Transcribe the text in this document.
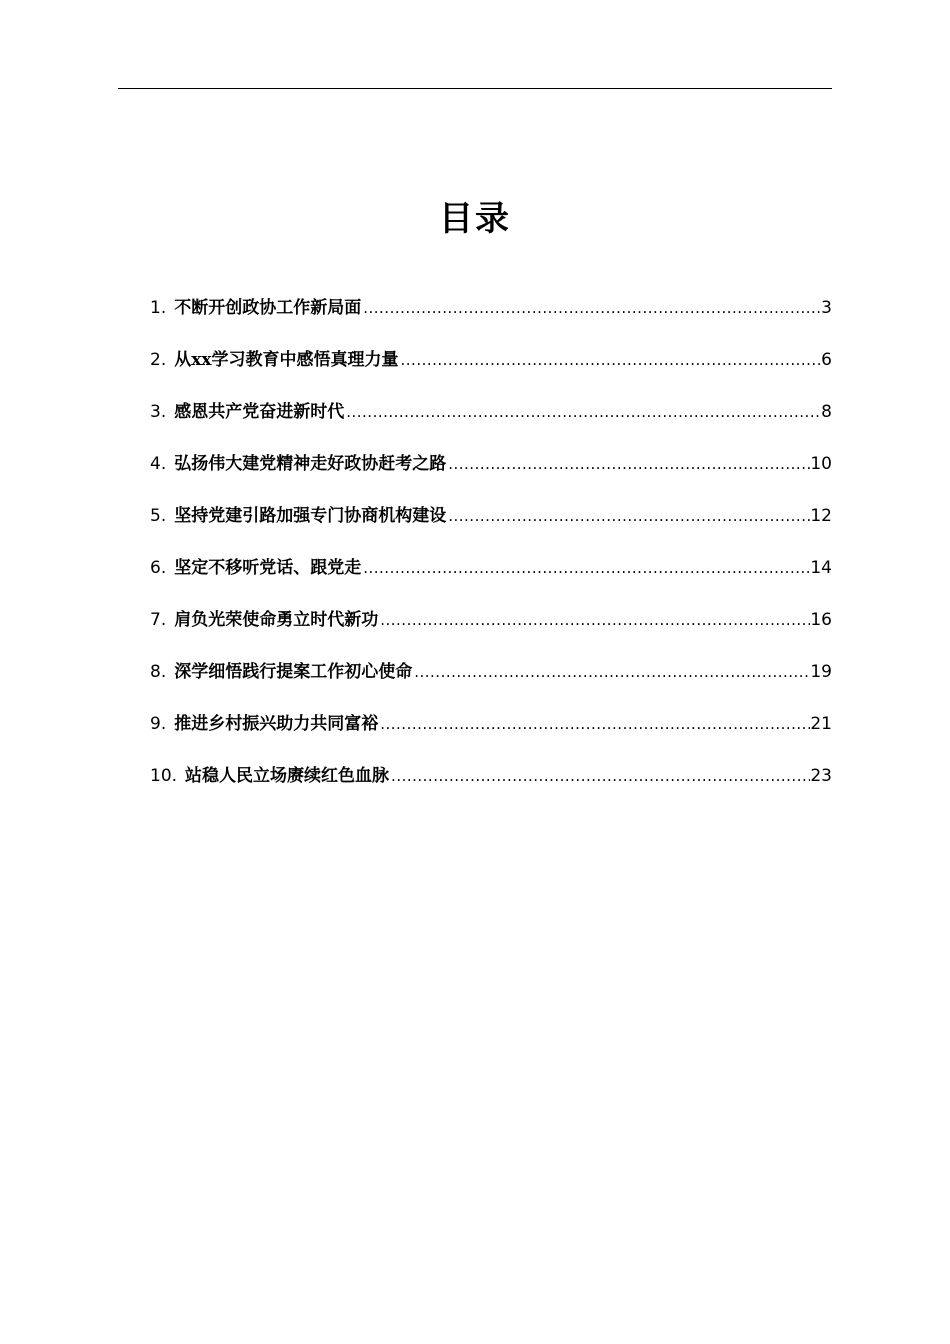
目录
1. 不断开创政协工作新局面 .....	3
2. 从xx学习教育中感悟真理力量 .....	6
3. 感恩共产党奋进新时代 .....	8
4. 弘扬伟大建党精神走好政协赶考之路 .....	10
5. 坚持党建引路加强专门协商机构建设 .....	12
6. 坚定不移听党话、跟党走 .....	14
7. 肩负光荣使命勇立时代新功 .....	16
8. 深学细悟践行提案工作初心使命 .....	19
9. 推进乡村振兴助力共同富裕 .....	21
10. 站稳人民立场赓续红色血脉 .....	23
